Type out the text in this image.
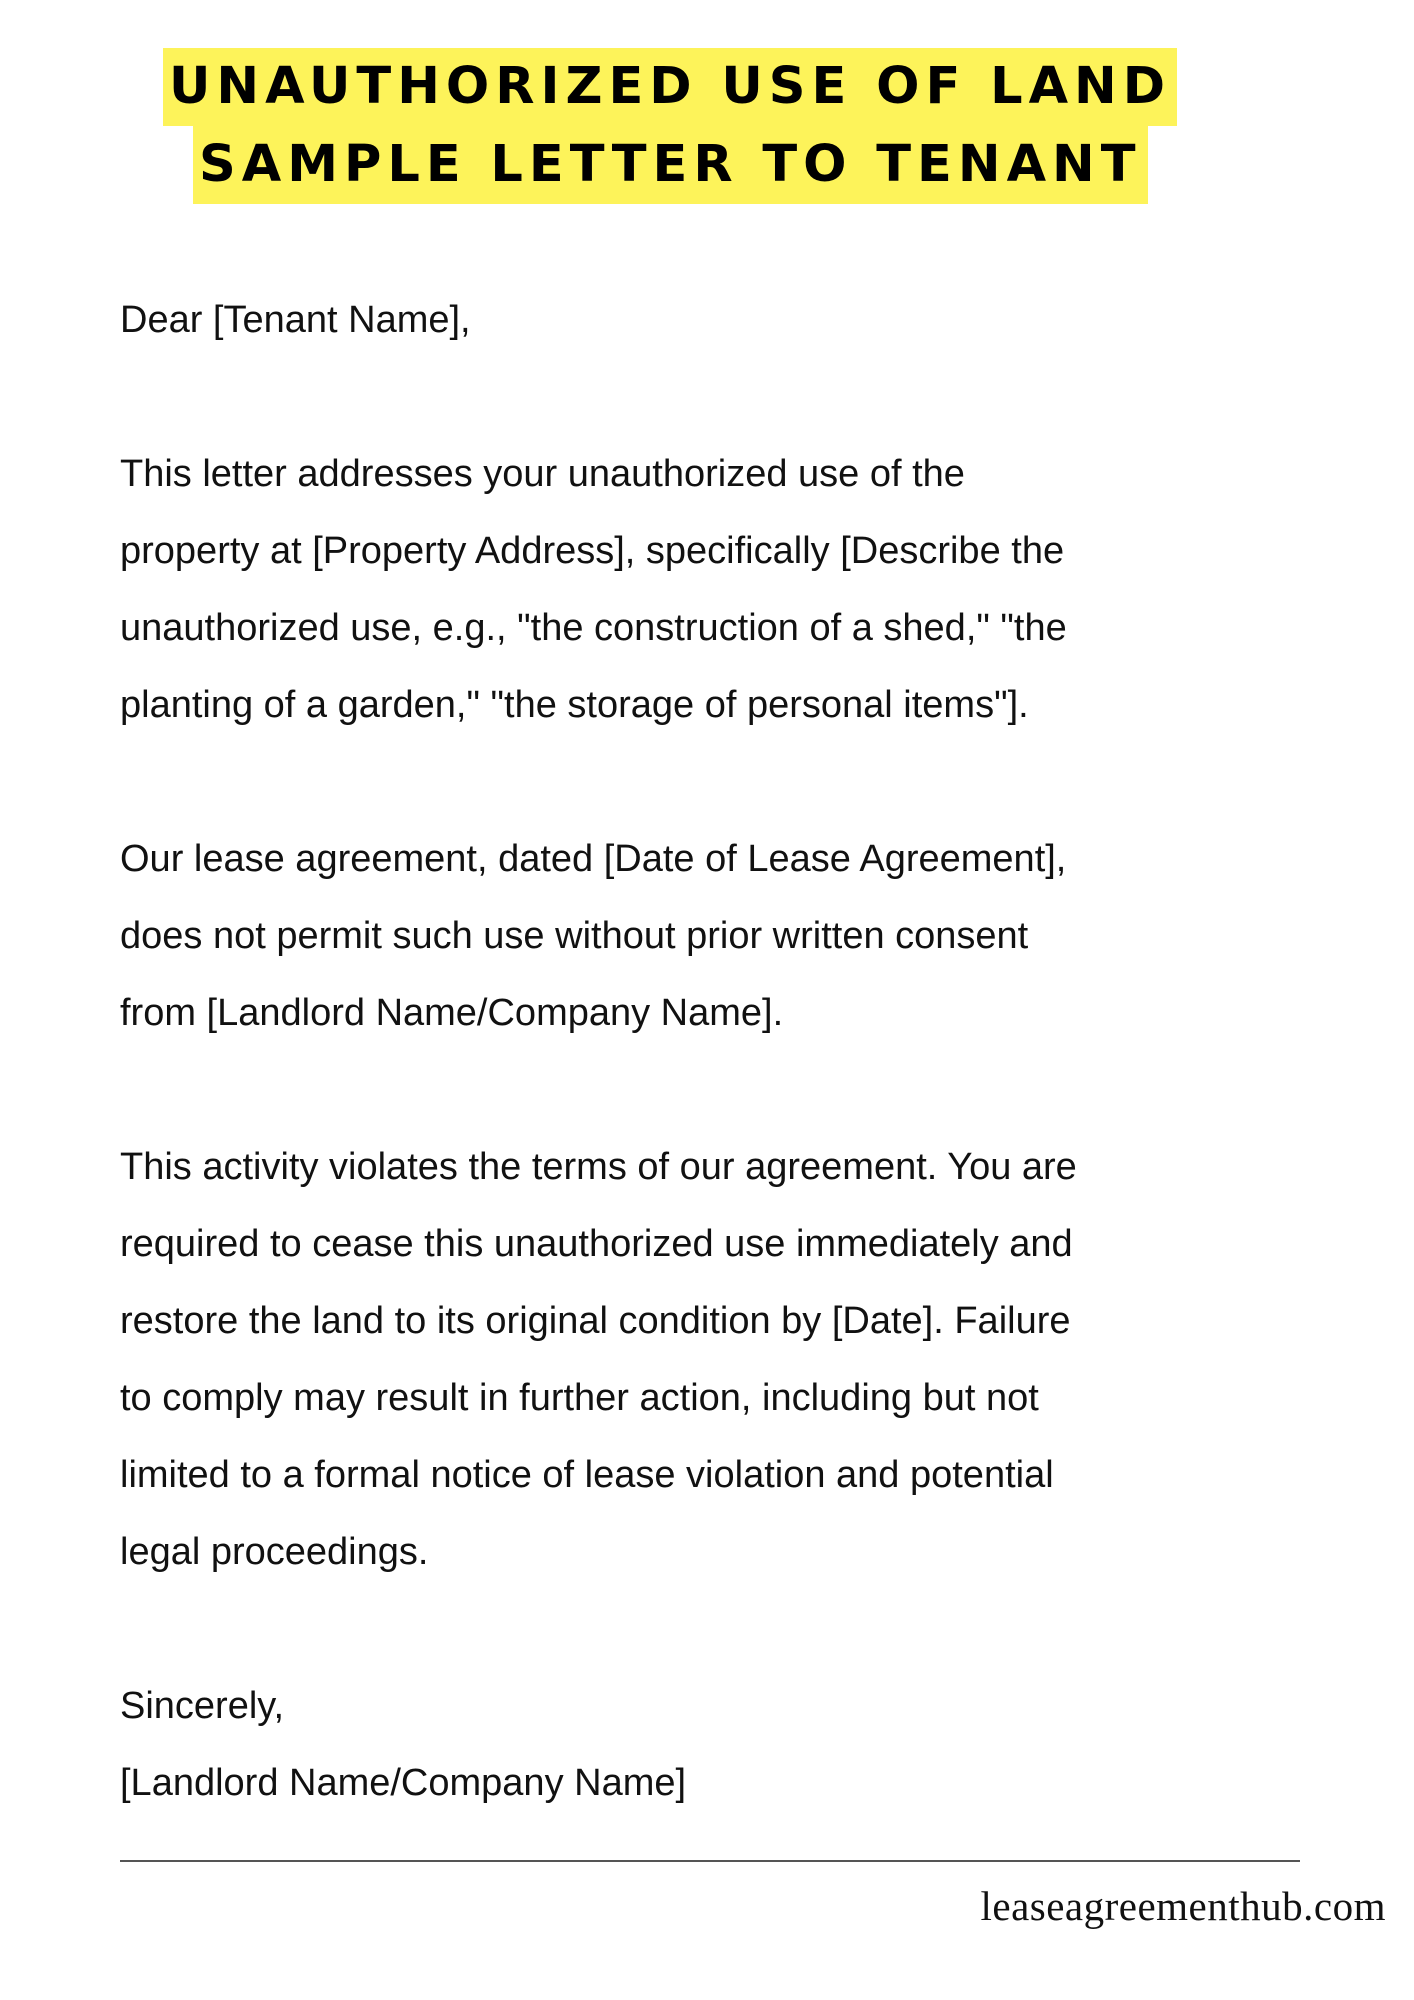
UNAUTHORIZED USE OF LAND
SAMPLE LETTER TO TENANT

Dear [Tenant Name],

This letter addresses your unauthorized use of the
property at [Property Address], specifically [Describe the
unauthorized use, e.g., "the construction of a shed," "the
planting of a garden," "the storage of personal items"].

Our lease agreement, dated [Date of Lease Agreement],
does not permit such use without prior written consent
from [Landlord Name/Company Name].

This activity violates the terms of our agreement. You are
required to cease this unauthorized use immediately and
restore the land to its original condition by [Date]. Failure
to comply may result in further action, including but not
limited to a formal notice of lease violation and potential
legal proceedings.

Sincerely,
[Landlord Name/Company Name]

leaseagreementhub.com
